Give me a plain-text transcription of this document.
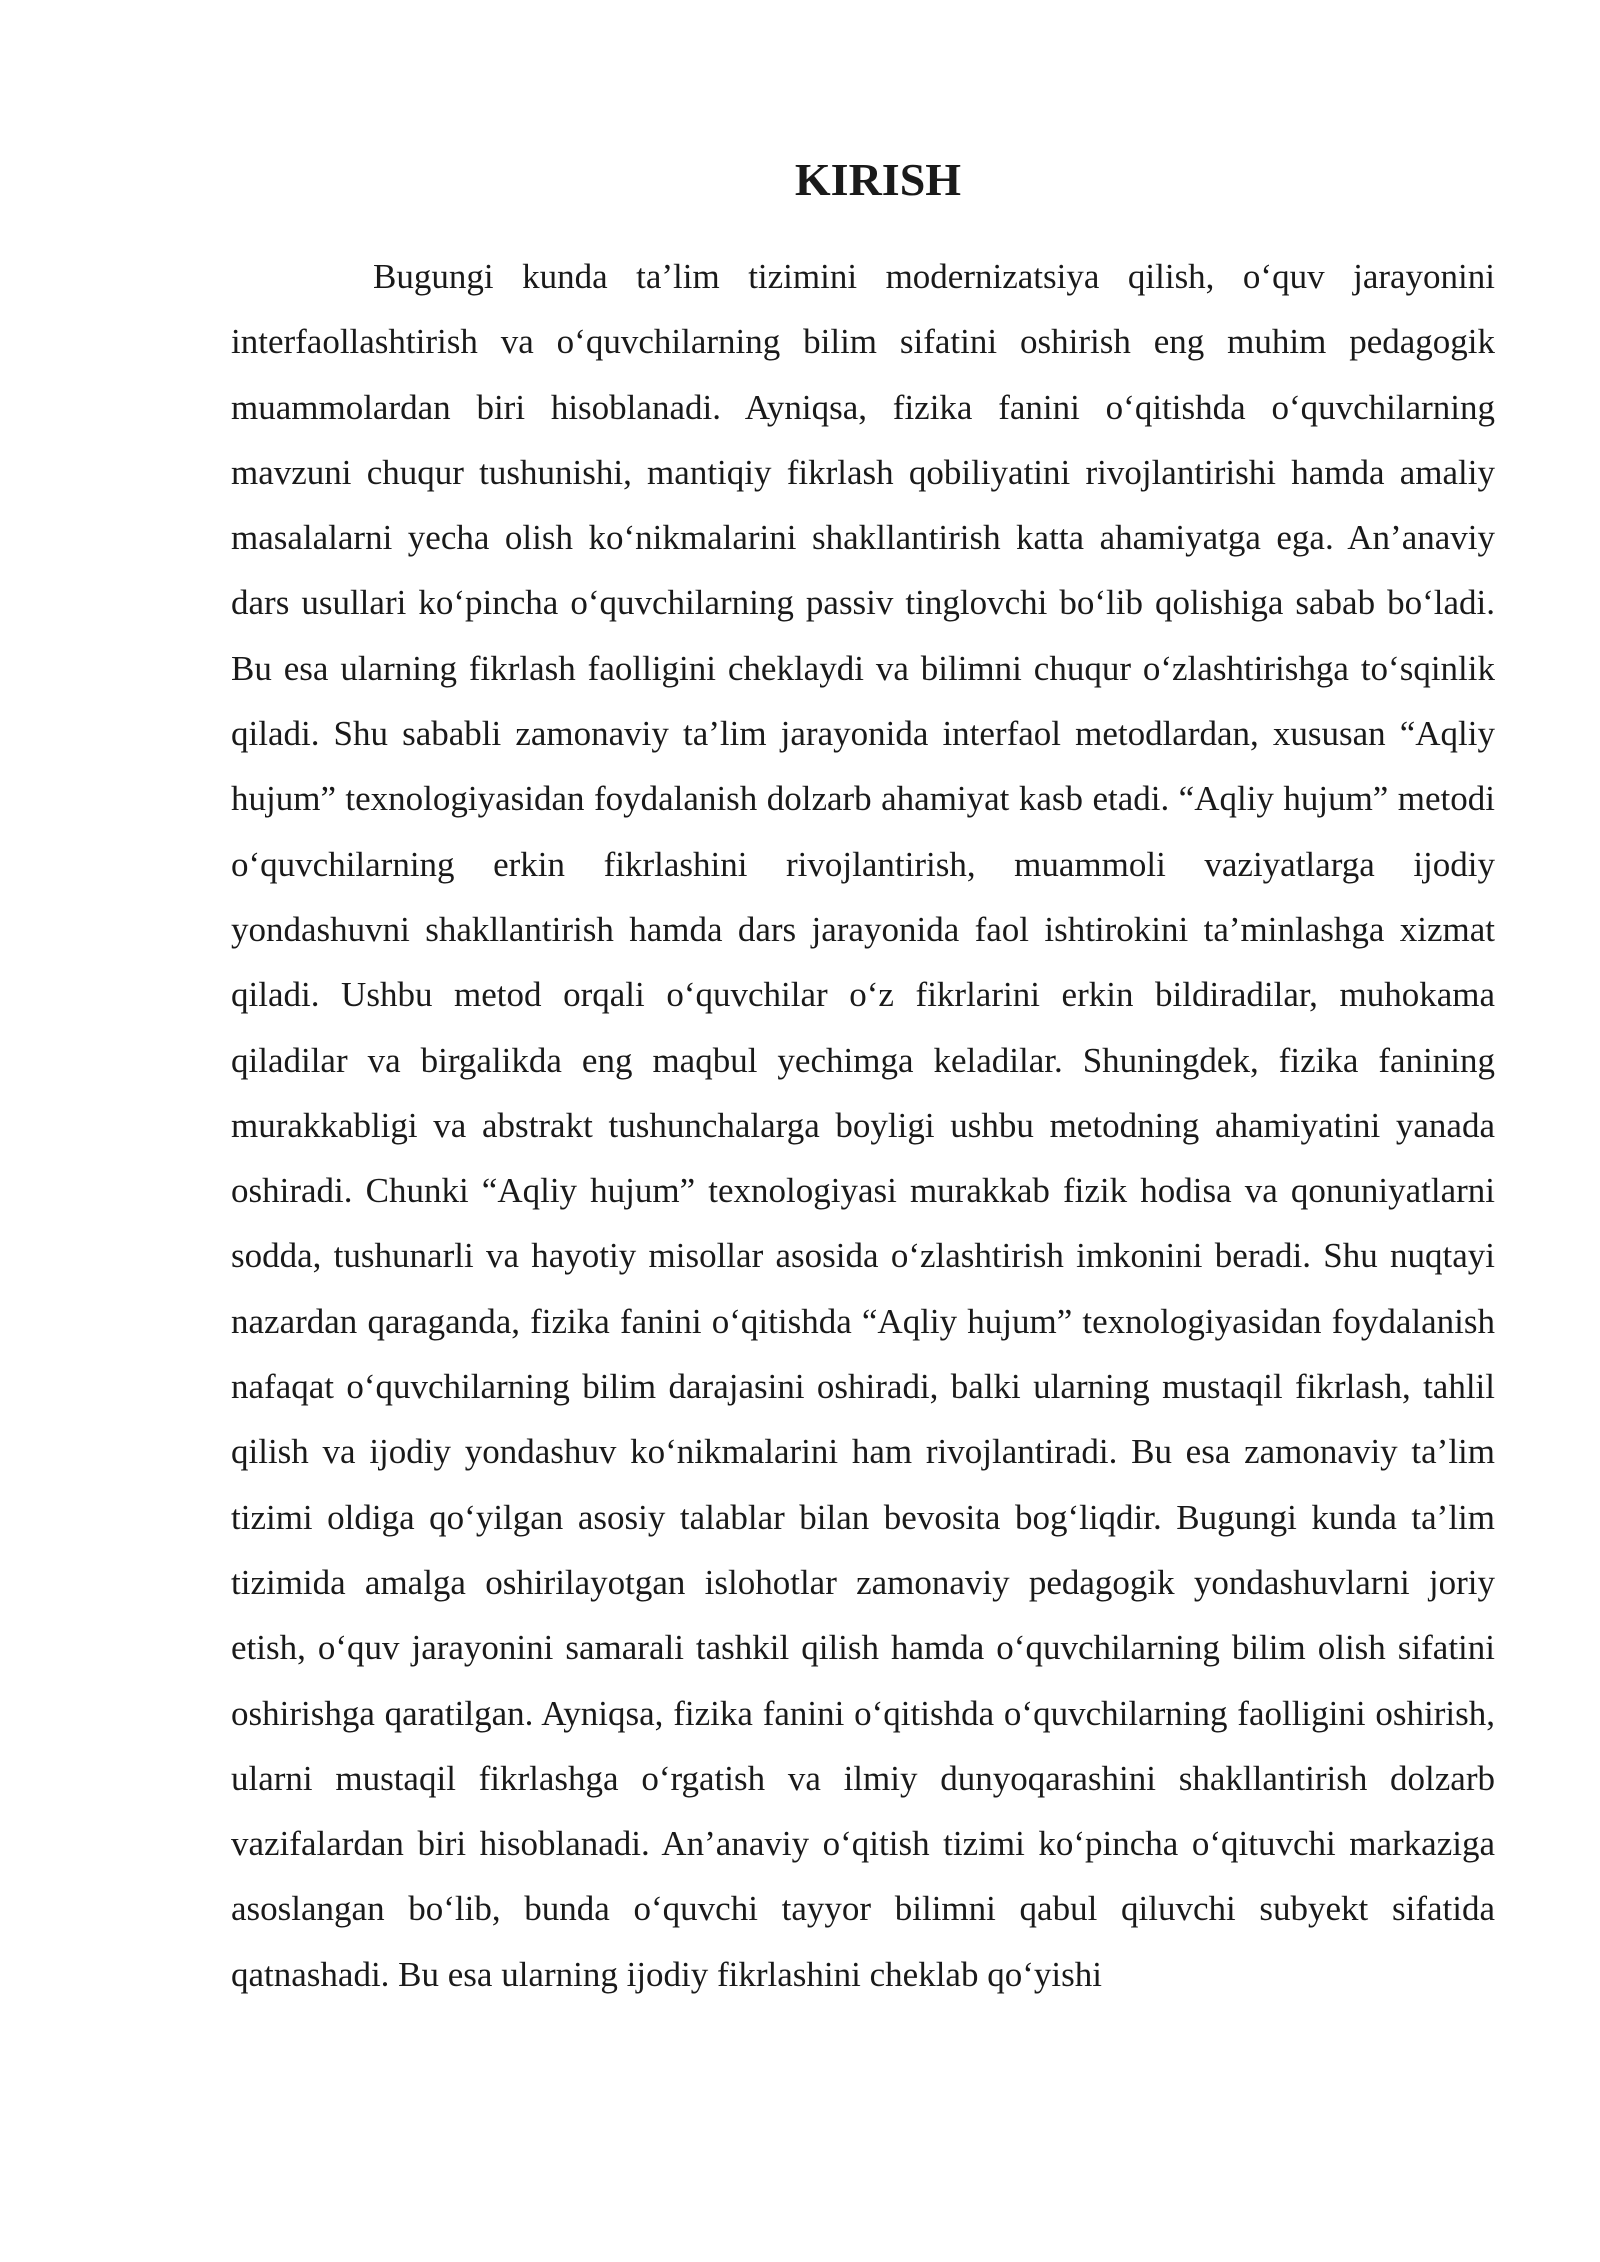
KIRISH

Bugungi kunda ta’lim tizimini modernizatsiya qilish, o‘quv jarayonini interfaollashtirish va o‘quvchilarning bilim sifatini oshirish eng muhim pedagogik muammolardan biri hisoblanadi. Ayniqsa, fizika fanini o‘qitishda o‘quvchilarning mavzuni chuqur tushunishi, mantiqiy fikrlash qobiliyatini rivojlantirishi hamda amaliy masalalarni yecha olish ko‘nikmalarini shakllantirish katta ahamiyatga ega. An’anaviy dars usullari ko‘pincha o‘quvchilarning passiv tinglovchi bo‘lib qolishiga sabab bo‘ladi. Bu esa ularning fikrlash faolligini cheklaydi va bilimni chuqur o‘zlashtirishga to‘sqinlik qiladi. Shu sababli zamonaviy ta’lim jarayonida interfaol metodlardan, xususan “Aqliy hujum” texnologiyasidan foydalanish dolzarb ahamiyat kasb etadi. “Aqliy hujum” metodi o‘quvchilarning erkin fikrlashini rivojlantirish, muammoli vaziyatlarga ijodiy yondashuvni shakllantirish hamda dars jarayonida faol ishtirokini ta’minlashga xizmat qiladi. Ushbu metod orqali o‘quvchilar o‘z fikrlarini erkin bildiradilar, muhokama qiladilar va birgalikda eng maqbul yechimga keladilar. Shuningdek, fizika fanining murakkabligi va abstrakt tushunchalarga boyligi ushbu metodning ahamiyatini yanada oshiradi. Chunki “Aqliy hujum” texnologiyasi murakkab fizik hodisa va qonuniyatlarni sodda, tushunarli va hayotiy misollar asosida o‘zlashtirish imkonini beradi. Shu nuqtayi nazardan qaraganda, fizika fanini o‘qitishda “Aqliy hujum” texnologiyasidan foydalanish nafaqat o‘quvchilarning bilim darajasini oshiradi, balki ularning mustaqil fikrlash, tahlil qilish va ijodiy yondashuv ko‘nikmalarini ham rivojlantiradi. Bu esa zamonaviy ta’lim tizimi oldiga qo‘yilgan asosiy talablar bilan bevosita bog‘liqdir. Bugungi kunda ta’lim tizimida amalga oshirilayotgan islohotlar zamonaviy pedagogik yondashuvlarni joriy etish, o‘quv jarayonini samarali tashkil qilish hamda o‘quvchilarning bilim olish sifatini oshirishga qaratilgan. Ayniqsa, fizika fanini o‘qitishda o‘quvchilarning faolligini oshirish, ularni mustaqil fikrlashga o‘rgatish va ilmiy dunyoqarashini shakllantirish dolzarb vazifalardan biri hisoblanadi. An’anaviy o‘qitish tizimi ko‘pincha o‘qituvchi markaziga asoslangan bo‘lib, bunda o‘quvchi tayyor bilimni qabul qiluvchi subyekt sifatida qatnashadi. Bu esa ularning ijodiy fikrlashini cheklab qo‘yishi
